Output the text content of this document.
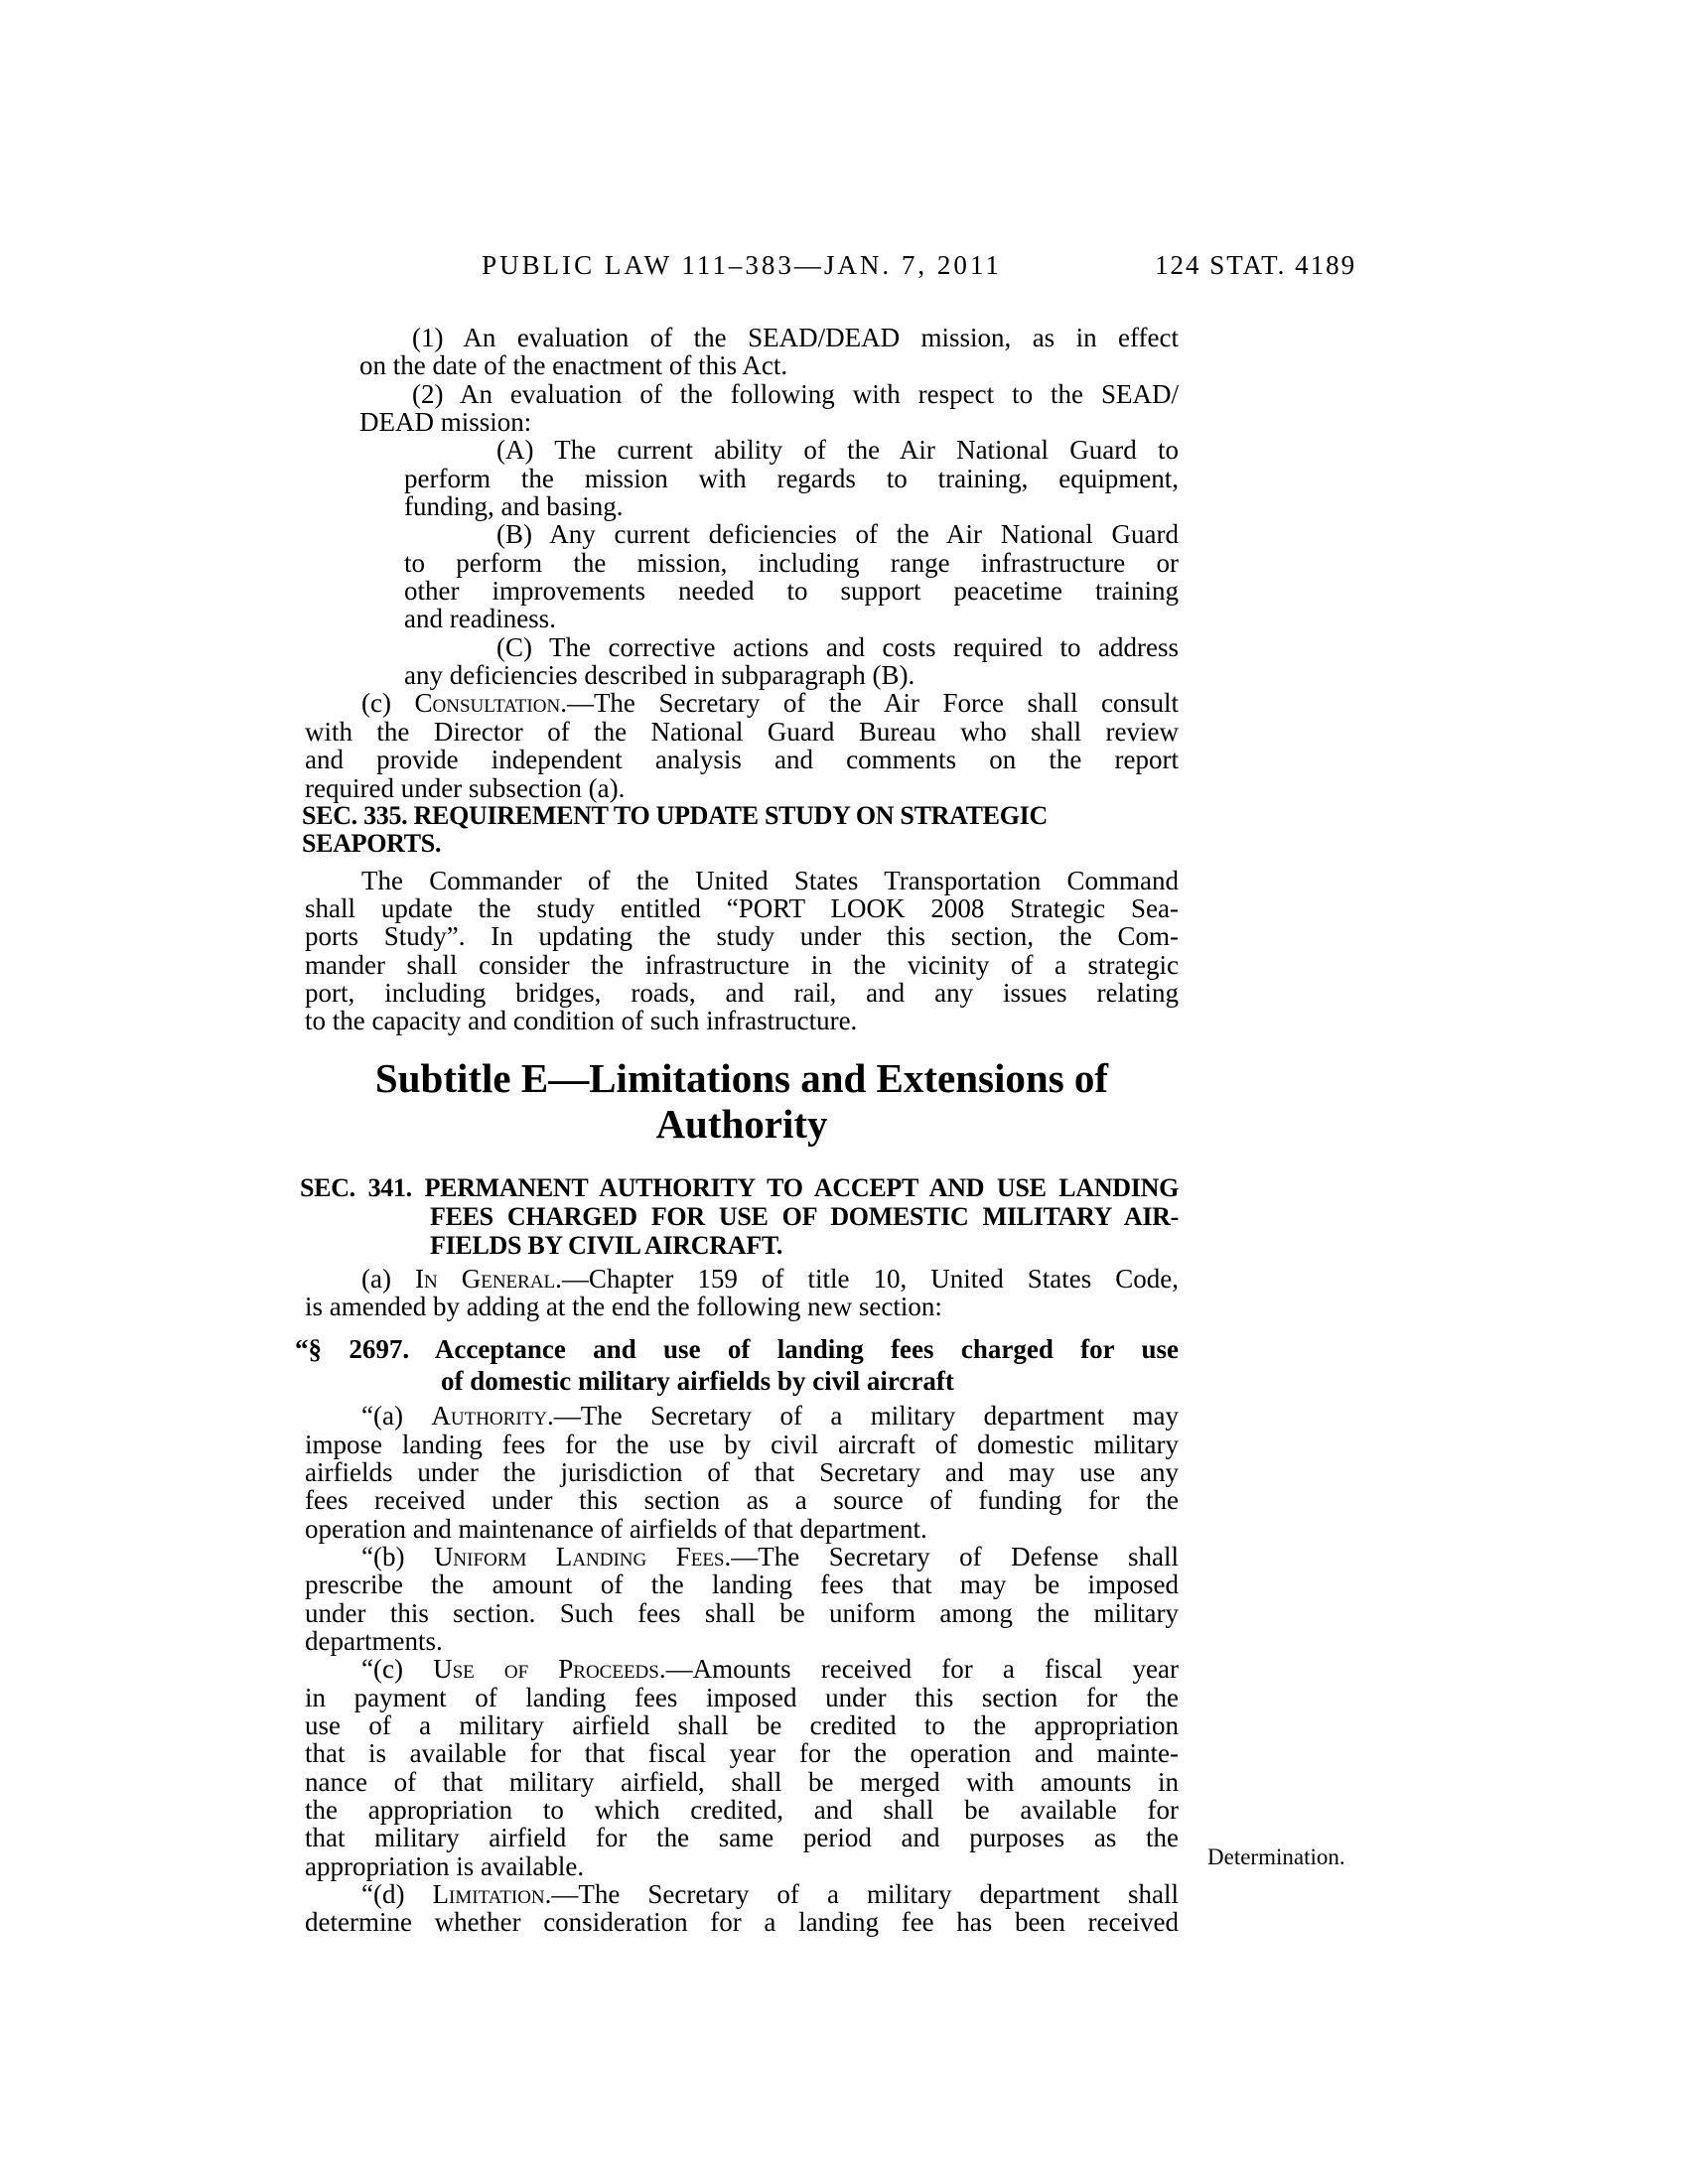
PUBLIC LAW 111–383—JAN. 7, 2011	124 STAT. 4189
(1) An evaluation of the SEAD/DEAD mission, as in effect
on the date of the enactment of this Act.
(2) An evaluation of the following with respect to the SEAD/
DEAD mission:
(A) The current ability of the Air National Guard to
perform the mission with regards to training, equipment,
funding, and basing.
(B) Any current deficiencies of the Air National Guard
to perform the mission, including range infrastructure or
other improvements needed to support peacetime training
and readiness.
(C) The corrective actions and costs required to address
any deficiencies described in subparagraph (B).
(c) Consultation.—The Secretary of the Air Force shall consult
with the Director of the National Guard Bureau who shall review
and provide independent analysis and comments on the report
required under subsection (a).
SEC. 335. REQUIREMENT TO UPDATE STUDY ON STRATEGIC SEAPORTS.
The Commander of the United States Transportation Command
shall update the study entitled “PORT LOOK 2008 Strategic Sea-
ports Study”. In updating the study under this section, the Com-
mander shall consider the infrastructure in the vicinity of a strategic
port, including bridges, roads, and rail, and any issues relating
to the capacity and condition of such infrastructure.
Subtitle E—Limitations and Extensions of
Authority
SEC. 341. PERMANENT AUTHORITY TO ACCEPT AND USE LANDING
FEES CHARGED FOR USE OF DOMESTIC MILITARY AIR-
FIELDS BY CIVIL AIRCRAFT.
(a) In General.—Chapter 159 of title 10, United States Code,
is amended by adding at the end the following new section:
“§ 2697. Acceptance and use of landing fees charged for use
of domestic military airfields by civil aircraft
“(a) Authority.—The Secretary of a military department may
impose landing fees for the use by civil aircraft of domestic military
airfields under the jurisdiction of that Secretary and may use any
fees received under this section as a source of funding for the
operation and maintenance of airfields of that department.
“(b) Uniform Landing Fees.—The Secretary of Defense shall
prescribe the amount of the landing fees that may be imposed
under this section. Such fees shall be uniform among the military
departments.
“(c) Use of Proceeds.—Amounts received for a fiscal year
in payment of landing fees imposed under this section for the
use of a military airfield shall be credited to the appropriation
that is available for that fiscal year for the operation and mainte-
nance of that military airfield, shall be merged with amounts in
the appropriation to which credited, and shall be available for
that military airfield for the same period and purposes as the
appropriation is available.
“(d) Limitation.—The Secretary of a military department shall
determine whether consideration for a landing fee has been received
Determination.
